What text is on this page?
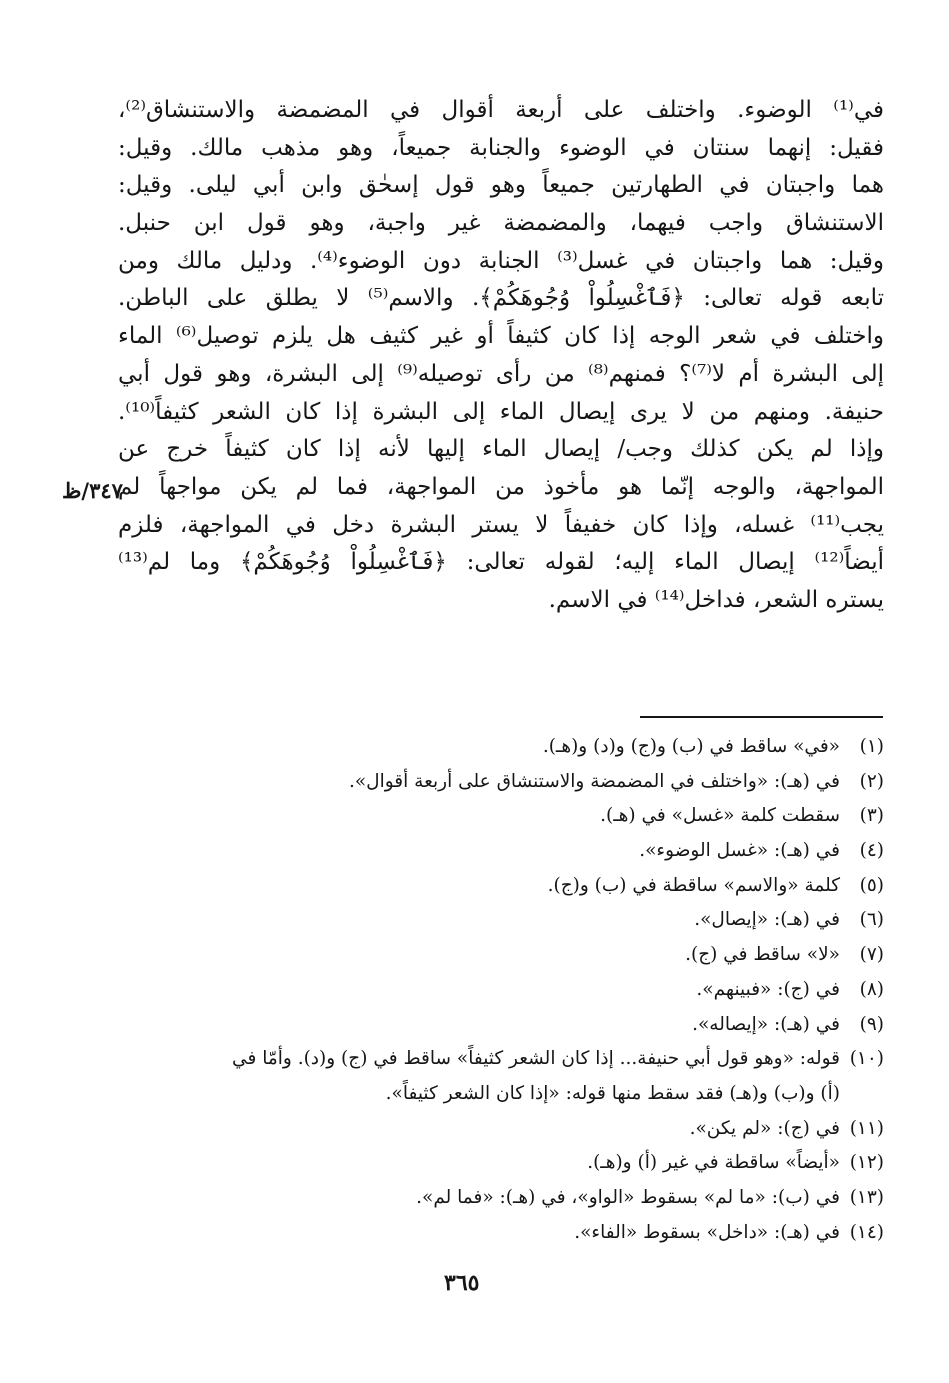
في⁽¹⁾ الوضوء. واختلف على أربعة أقوال في المضمضة والاستنشاق⁽²⁾،
فقيل: إنهما سنتان في الوضوء والجنابة جميعاً، وهو مذهب مالك. وقيل:
هما واجبتان في الطهارتين جميعاً وهو قول إسحٰق وابن أبي ليلى. وقيل:
الاستنشاق واجب فيهما، والمضمضة غير واجبة، وهو قول ابن حنبل.
وقيل: هما واجبتان في غسل⁽³⁾ الجنابة دون الوضوء⁽⁴⁾. ودليل مالك ومن
تابعه قوله تعالى: ﴿فَٱغْسِلُواْ وُجُوهَكُمْ﴾. والاسم⁽⁵⁾ لا يطلق على الباطن.
واختلف في شعر الوجه إذا كان كثيفاً أو غير كثيف هل يلزم توصيل⁽⁶⁾ الماء
إلى البشرة أم لا⁽⁷⁾؟ فمنهم⁽⁸⁾ من رأى توصيله⁽⁹⁾ إلى البشرة، وهو قول أبي
حنيفة. ومنهم من لا يرى إيصال الماء إلى البشرة إذا كان الشعر كثيفاً⁽¹⁰⁾.
وإذا لم يكن كذلك وجب/ إيصال الماء إليها لأنه إذا كان كثيفاً خرج عن
المواجهة، والوجه إنّما هو مأخوذ من المواجهة، فما لم يكن مواجهاً لم
يجب⁽¹¹⁾ غسله، وإذا كان خفيفاً لا يستر البشرة دخل في المواجهة، فلزم
أيضاً⁽¹²⁾ إيصال الماء إليه؛ لقوله تعالى: ﴿فَٱغْسِلُواْ وُجُوهَكُمْ﴾ وما لم⁽¹³⁾
يستره الشعر، فداخل⁽¹⁴⁾ في الاسم.
٣٤٧/ظ
(١)«في» ساقط في (ب) و(ج) و(د) و(هـ).
(٢)في (هـ): «واختلف في المضمضة والاستنشاق على أربعة أقوال».
(٣)سقطت كلمة «غسل» في (هـ).
(٤)في (هـ): «غسل الوضوء».
(٥)كلمة «والاسم» ساقطة في (ب) و(ج).
(٦)في (هـ): «إيصال».
(٧)«لا» ساقط في (ج).
(٨)في (ج): «فبينهم».
(٩)في (هـ): «إيصاله».
(١٠)قوله: «وهو قول أبي حنيفة... إذا كان الشعر كثيفاً» ساقط في (ج) و(د). وأمّا في
(أ) و(ب) و(هـ) فقد سقط منها قوله: «إذا كان الشعر كثيفاً».
(١١)في (ج): «لم يكن».
(١٢)«أيضاً» ساقطة في غير (أ) و(هـ).
(١٣)في (ب): «ما لم» بسقوط «الواو»، في (هـ): «فما لم».
(١٤)في (هـ): «داخل» بسقوط «الفاء».
٣٦٥
